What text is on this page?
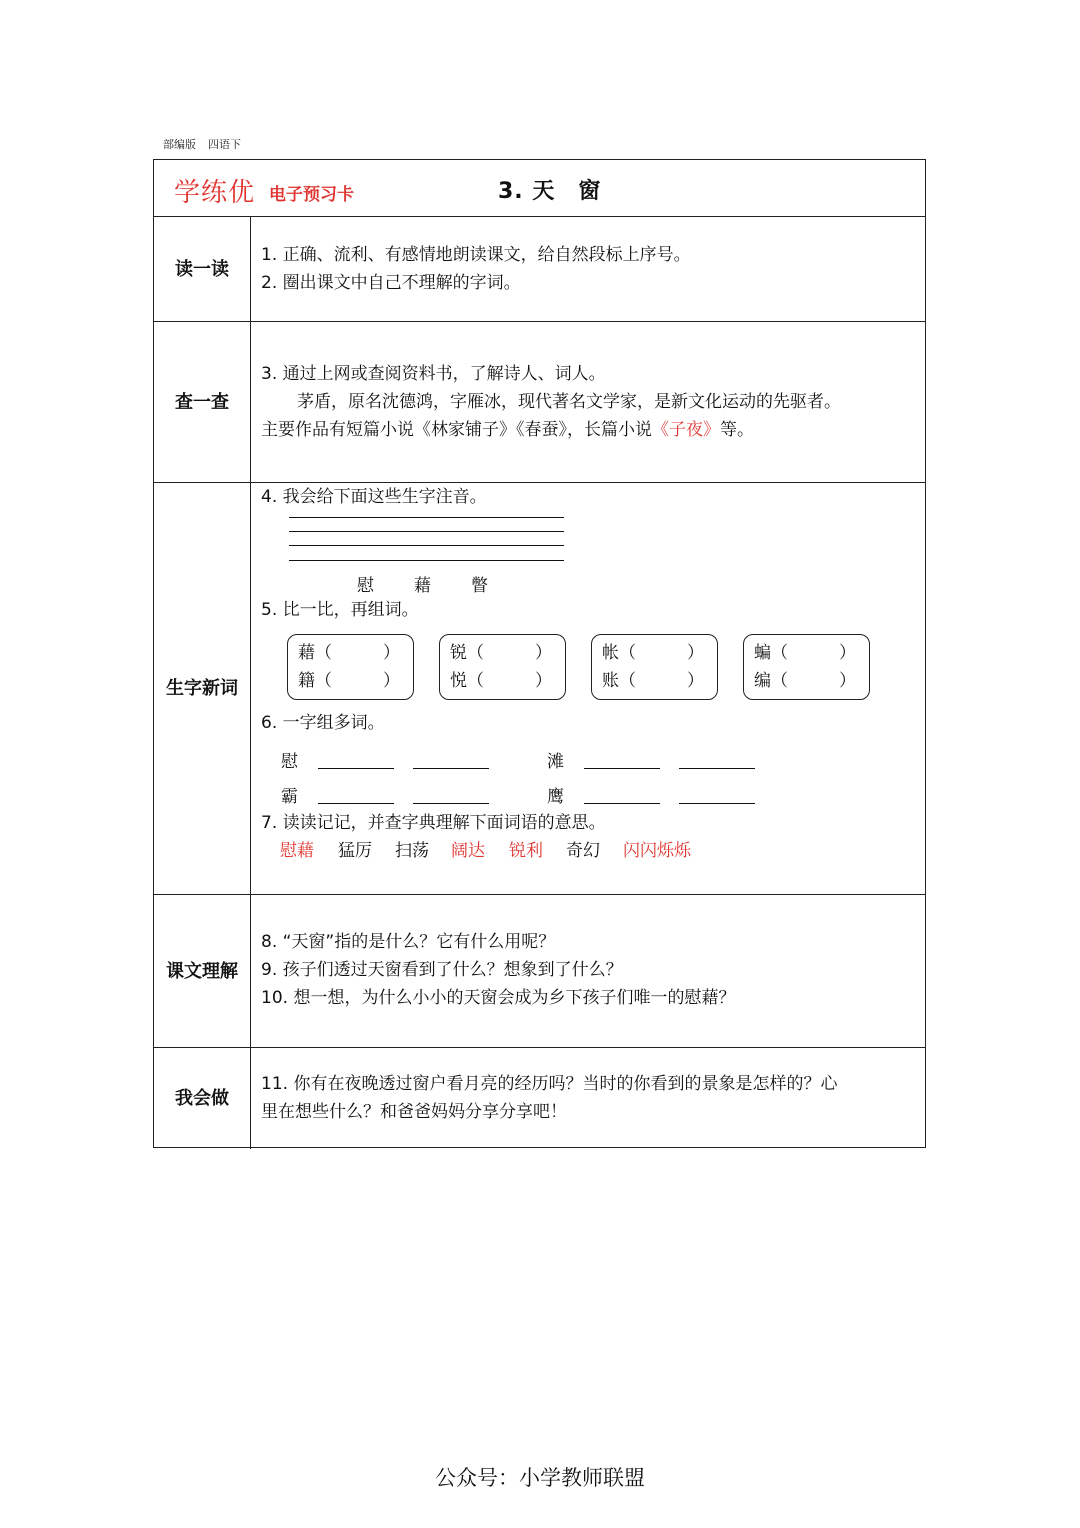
部编版 四语下
学练优 电子预习卡	3. 天　窗
读一读
1. 正确、流利、有感情地朗读课文，给自然段标上序号。
2. 圈出课文中自己不理解的字词。
查一查
3. 通过上网或查阅资料书，了解诗人、词人。
茅盾，原名沈德鸿，字雁冰，现代著名文学家，是新文化运动的先驱者。
主要作品有短篇小说《林家铺子》《春蚕》，长篇小说《子夜》等。
生字 新词
4. 我会给下面这些生字注音。
慰 藉 瞥
5. 比一比，再组词。
藉（　　　）
籍（　　　）
锐（　　　）
悦（　　　）
帐（　　　）
账（　　　）
蝙（　　　）
编（　　　）
6. 一字组多词。
慰	滩
霸	鹰
7. 读读记记，并查字典理解下面词语的意思。
慰藉 猛厉 扫荡 阔达 锐利 奇幻 闪闪烁烁
课文 理解
8. “天窗”指的是什么？它有什么用呢？
9. 孩子们透过天窗看到了什么？想象到了什么？
10. 想一想，为什么小小的天窗会成为乡下孩子们唯一的慰藉？
我会做
11. 你有在夜晚透过窗户看月亮的经历吗？当时的你看到的景象是怎样的？心
里在想些什么？和爸爸妈妈分享分享吧！
公众号：小学教师联盟
